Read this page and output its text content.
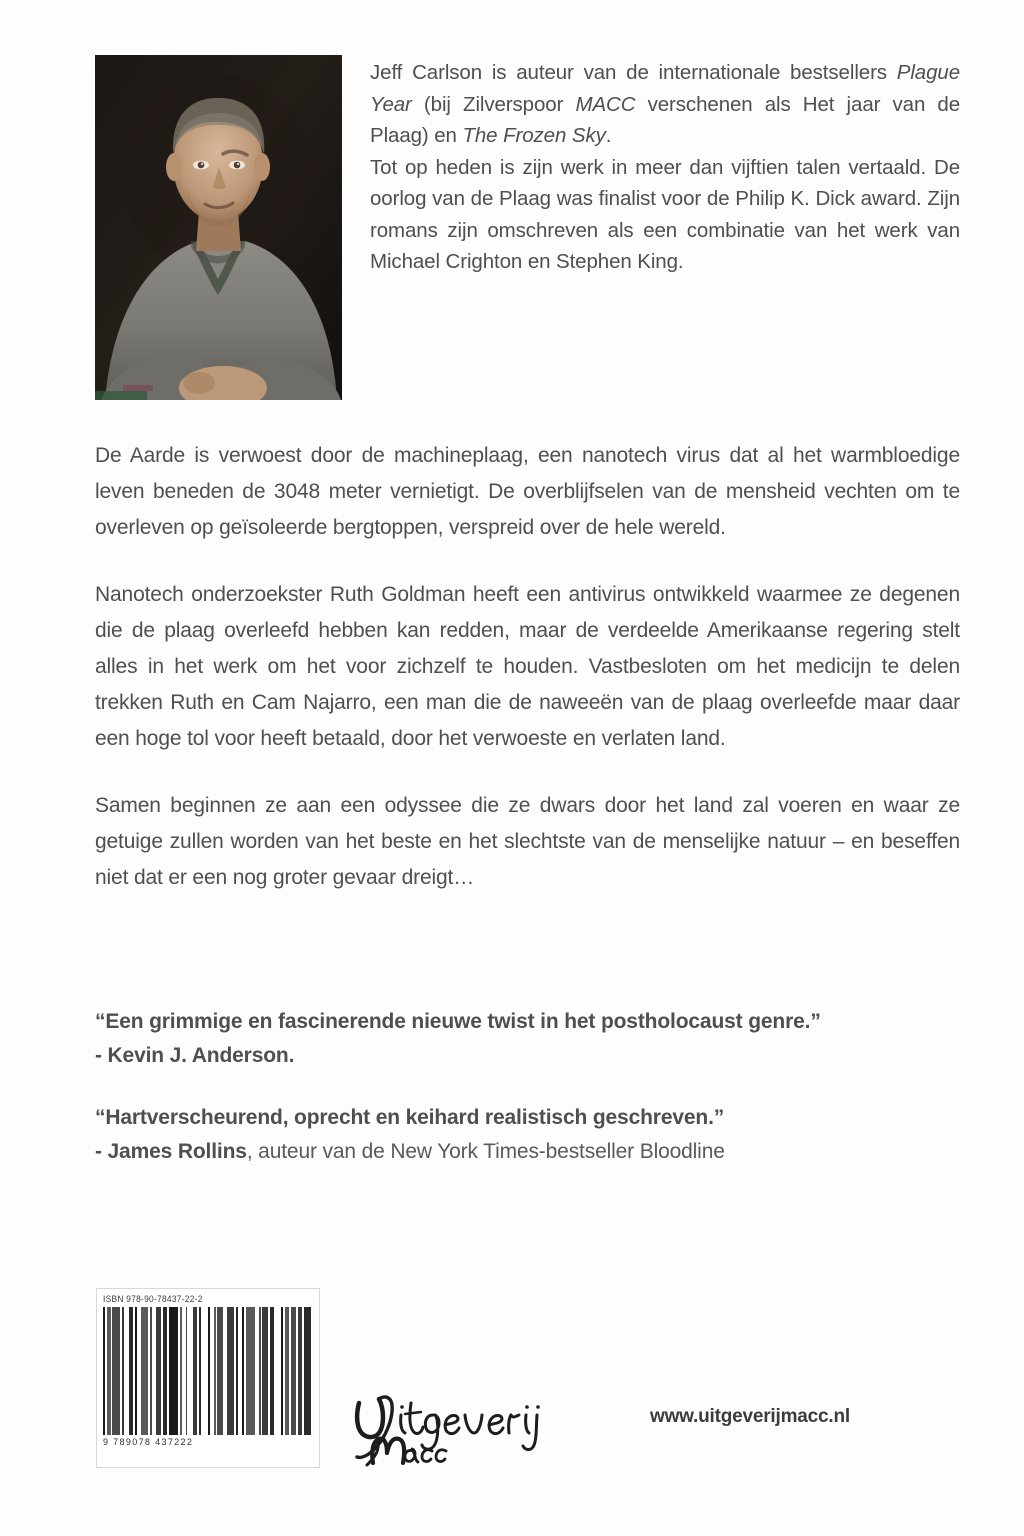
Jeff Carlson is auteur van de internationale bestsellers Plague Year (bij Zilverspoor MACC verschenen als Het jaar van de Plaag) en The Frozen Sky.

Tot op heden is zijn werk in meer dan vijftien talen vertaald. De oorlog van de Plaag was finalist voor de Philip K. Dick award. Zijn romans zijn omschreven als een combinatie van het werk van Michael Crighton en Stephen King.

De Aarde is verwoest door de machineplaag, een nanotech virus dat al het warmbloedige leven beneden de 3048 meter vernietigt. De overblijfselen van de mensheid vechten om te overleven op geïsoleerde bergtoppen, verspreid over de hele wereld.

Nanotech onderzoekster Ruth Goldman heeft een antivirus ontwikkeld waarmee ze degenen die de plaag overleefd hebben kan redden, maar de verdeelde Amerikaanse regering stelt alles in het werk om het voor zichzelf te houden. Vastbesloten om het medicijn te delen trekken Ruth en Cam Najarro, een man die de naweeën van de plaag overleefde maar daar een hoge tol voor heeft betaald, door het verwoeste en verlaten land.

Samen beginnen ze aan een odyssee die ze dwars door het land zal voeren en waar ze getuige zullen worden van het beste en het slechtste van de menselijke natuur – en beseffen niet dat er een nog groter gevaar dreigt…

“Een grimmige en fascinerende nieuwe twist in het postholocaust genre.”

- Kevin J. Anderson.

“Hartverscheurend, oprecht en keihard realistisch geschreven.”

- James Rollins, auteur van de New York Times-bestseller Bloodline

ISBN 978-90-78437-22-2
9 789078 437222
www.uitgeverijmacc.nl
